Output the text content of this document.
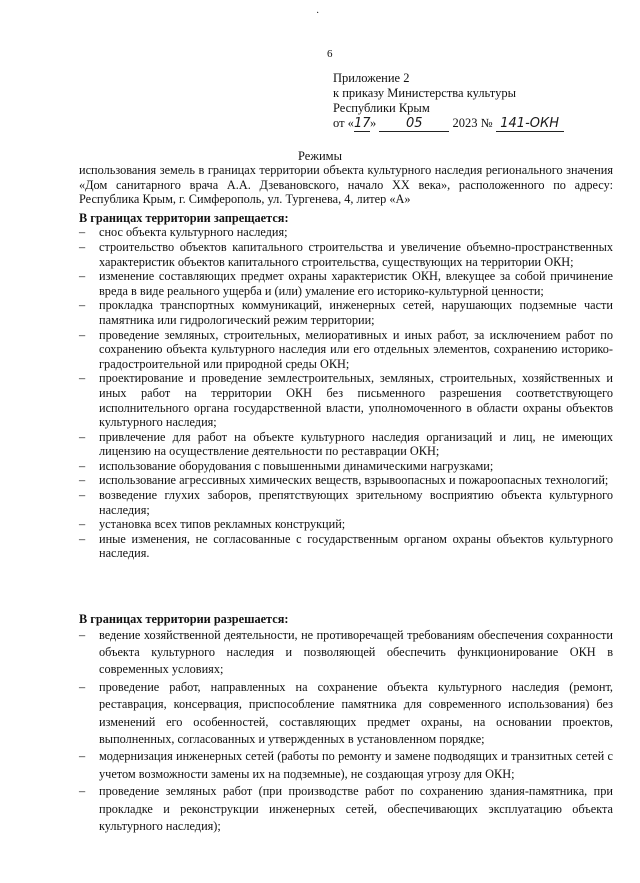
·
6
Приложение 2
к приказу Министерства культуры
Республики Крым
от «17» 05 2023 № 141-ОКН
Режимы
использования земель в границах территории объекта культурного наследия регионального значения «Дом санитарного врача А.А. Дзевановского, начало XX века», расположенного по адресу: Республика Крым, г. Симферополь, ул. Тургенева, 4, литер «А»
В границах территории запрещается:
–	снос объекта культурного наследия;
–	строительство объектов капитального строительства и увеличение объемно-пространственных характеристик объектов капитального строительства, существующих на территории ОКН;
–	изменение составляющих предмет охраны характеристик ОКН, влекущее за собой причинение вреда в виде реального ущерба и (или) умаление его историко-культурной ценности;
–	прокладка транспортных коммуникаций, инженерных сетей, нарушающих подземные части памятника или гидрологический режим территории;
–	проведение земляных, строительных, мелиоративных и иных работ, за исключением работ по сохранению объекта культурного наследия или его отдельных элементов, сохранению историко-градостроительной или природной среды ОКН;
–	проектирование и проведение землестроительных, земляных, строительных, хозяйственных и иных работ на территории ОКН без письменного разрешения соответствующего исполнительного органа государственной власти, уполномоченного в области охраны объектов культурного наследия;
–	привлечение для работ на объекте культурного наследия организаций и лиц, не имеющих лицензию на осуществление деятельности по реставрации ОКН;
–	использование оборудования с повышенными динамическими нагрузками;
–	использование агрессивных химических веществ, взрывоопасных и пожароопасных технологий;
–	возведение глухих заборов, препятствующих зрительному восприятию объекта культурного наследия;
–	установка всех типов рекламных конструкций;
–	иные изменения, не согласованные с государственным органом охраны объектов культурного наследия.
В границах территории разрешается:
–	ведение хозяйственной деятельности, не противоречащей требованиям обеспечения сохранности объекта культурного наследия и позволяющей обеспечить функционирование ОКН в современных условиях;
–	проведение работ, направленных на сохранение объекта культурного наследия (ремонт, реставрация, консервация, приспособление памятника для современного использования) без изменений его особенностей, составляющих предмет охраны, на основании проектов, выполненных, согласованных и утвержденных в установленном порядке;
–	модернизация инженерных сетей (работы по ремонту и замене подводящих и транзитных сетей с учетом возможности замены их на подземные), не создающая угрозу для ОКН;
–	проведение земляных работ (при производстве работ по сохранению здания-памятника, при прокладке и реконструкции инженерных сетей, обеспечивающих эксплуатацию объекта культурного наследия);
